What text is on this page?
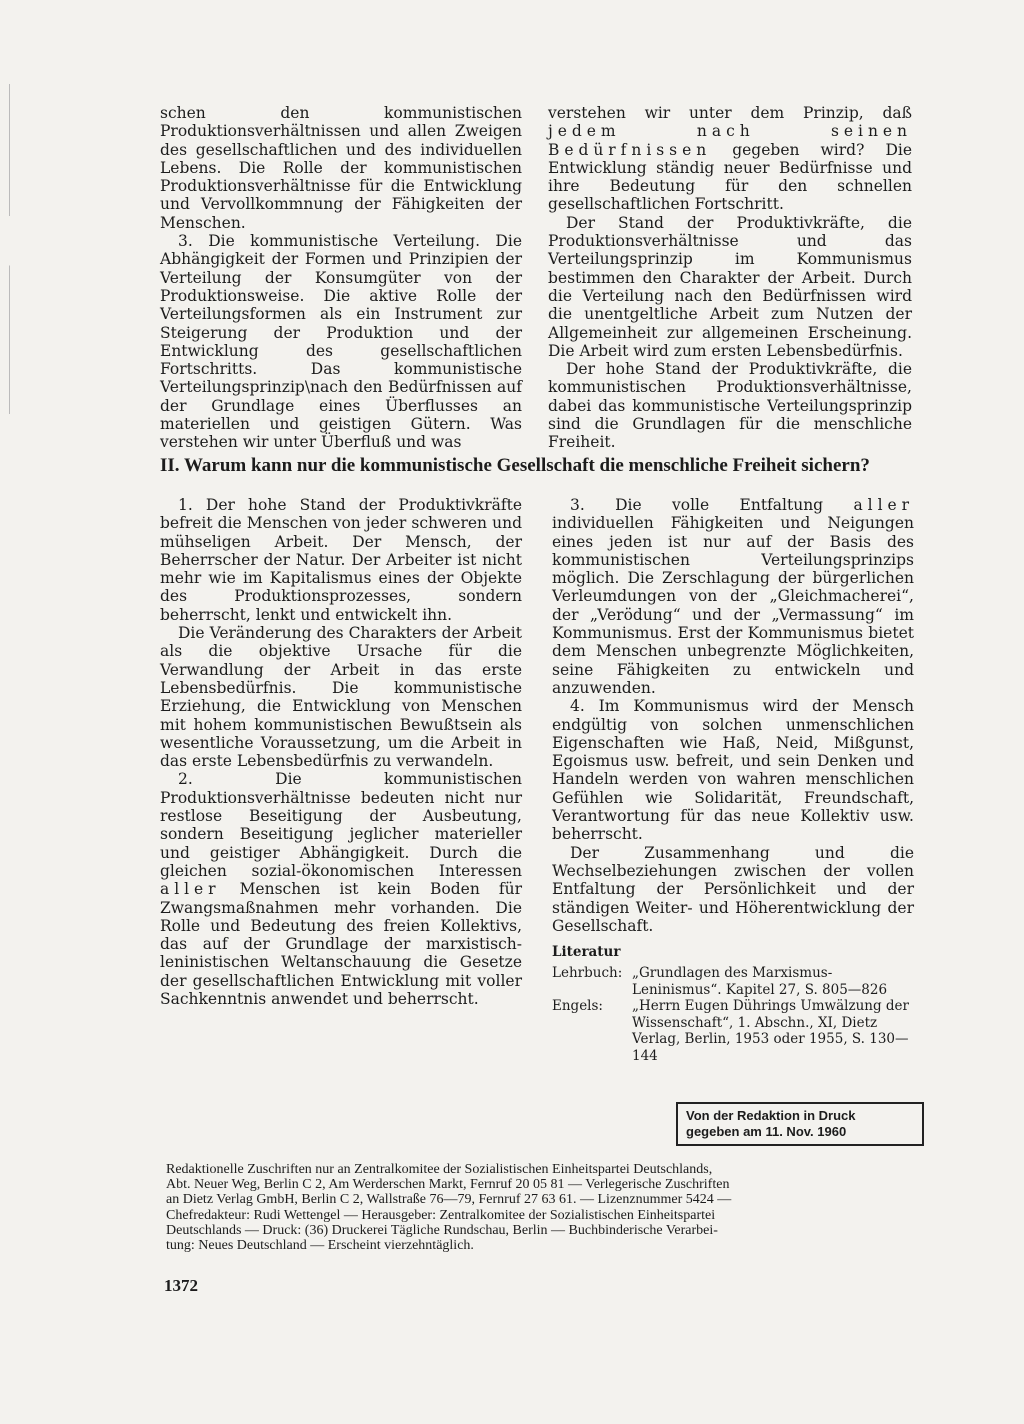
schen den kommunistischen Produktionsverhältnissen und allen Zweigen des gesellschaftlichen und des individuellen Lebens. Die Rolle der kommunistischen Produktionsverhältnisse für die Entwicklung und Vervollkommnung der Fähigkeiten der Menschen.

3. Die kommunistische Verteilung. Die Abhängigkeit der Formen und Prinzipien der Verteilung der Konsumgüter von der Produktionsweise. Die aktive Rolle der Verteilungsformen als ein Instrument zur Steigerung der Produktion und der Entwicklung des gesellschaftlichen Fortschritts. Das kommunistische Verteilungsprinzip\nach den Bedürfnissen auf der Grundlage eines Überflusses an materiellen und geistigen Gütern. Was verstehen wir unter Überfluß und was

verstehen wir unter dem Prinzip, daß jedem nach seinen Bedürfnissen gegeben wird? Die Entwicklung ständig neuer Bedürfnisse und ihre Bedeutung für den schnellen gesellschaftlichen Fortschritt.

Der Stand der Produktivkräfte, die Produktionsverhältnisse und das Verteilungsprinzip im Kommunismus bestimmen den Charakter der Arbeit. Durch die Verteilung nach den Bedürfnissen wird die unentgeltliche Arbeit zum Nutzen der Allgemeinheit zur allgemeinen Erscheinung. Die Arbeit wird zum ersten Lebensbedürfnis.

Der hohe Stand der Produktivkräfte, die kommunistischen Produktionsverhältnisse, dabei das kommunistische Verteilungsprinzip sind die Grundlagen für die menschliche Freiheit.

II. Warum kann nur die kommunistische Gesellschaft die menschliche Freiheit sichern?

1. Der hohe Stand der Produktivkräfte befreit die Menschen von jeder schweren und mühseligen Arbeit. Der Mensch, der Beherrscher der Natur. Der Arbeiter ist nicht mehr wie im Kapitalismus eines der Objekte des Produktionsprozesses, sondern beherrscht, lenkt und entwickelt ihn.

Die Veränderung des Charakters der Arbeit als die objektive Ursache für die Verwandlung der Arbeit in das erste Lebensbedürfnis. Die kommunistische Erziehung, die Entwicklung von Menschen mit hohem kommunistischen Bewußtsein als wesentliche Voraussetzung, um die Arbeit in das erste Lebensbedürfnis zu verwandeln.

2. Die kommunistischen Produktionsverhältnisse bedeuten nicht nur restlose Beseitigung der Ausbeutung, sondern Beseitigung jeglicher materieller und geistiger Abhängigkeit. Durch die gleichen sozial-ökonomischen Interessen aller Menschen ist kein Boden für Zwangsmaßnahmen mehr vorhanden. Die Rolle und Bedeutung des freien Kollektivs, das auf der Grundlage der marxistisch-leninistischen Weltanschauung die Gesetze der gesellschaftlichen Entwicklung mit voller Sachkenntnis anwendet und beherrscht.

3. Die volle Entfaltung aller individuellen Fähigkeiten und Neigungen eines jeden ist nur auf der Basis des kommunistischen Verteilungsprinzips möglich. Die Zerschlagung der bürgerlichen Verleumdungen von der „Gleichmacherei“, der „Verödung“ und der „Vermassung“ im Kommunismus. Erst der Kommunismus bietet dem Menschen unbegrenzte Möglichkeiten, seine Fähigkeiten zu entwickeln und anzuwenden.

4. Im Kommunismus wird der Mensch endgültig von solchen unmenschlichen Eigenschaften wie Haß, Neid, Mißgunst, Egoismus usw. befreit, und sein Denken und Handeln werden von wahren menschlichen Gefühlen wie Solidarität, Freundschaft, Verantwortung für das neue Kollektiv usw. beherrscht.

Der Zusammenhang und die Wechselbeziehungen zwischen der vollen Entfaltung der Persönlichkeit und der ständigen Weiter- und Höherentwicklung der Gesellschaft.

Literatur
Lehrbuch: „Grundlagen des Marxismus-Leninismus“. Kapitel 27, S. 805—826
Engels:	„Herrn Eugen Dührings Umwälzung der Wissenschaft“, 1. Abschn., XI, Dietz Verlag, Berlin, 1953 oder 1955, S. 130—144
Von der Redaktion in Druck
gegeben am 11. Nov. 1960
Redaktionelle Zuschriften nur an Zentralkomitee der Sozialistischen Einheitspartei Deutschlands,
Abt. Neuer Weg, Berlin C 2, Am Werderschen Markt, Fernruf 20 05 81 — Verlegerische Zuschriften
an Dietz Verlag GmbH, Berlin C 2, Wallstraße 76—79, Fernruf 27 63 61. — Lizenznummer 5424 —
Chefredakteur: Rudi Wettengel — Herausgeber: Zentralkomitee der Sozialistischen Einheitspartei
Deutschlands — Druck: (36) Druckerei Tägliche Rundschau, Berlin — Buchbinderische Verarbei-
tung: Neues Deutschland — Erscheint vierzehntäglich.
1372
